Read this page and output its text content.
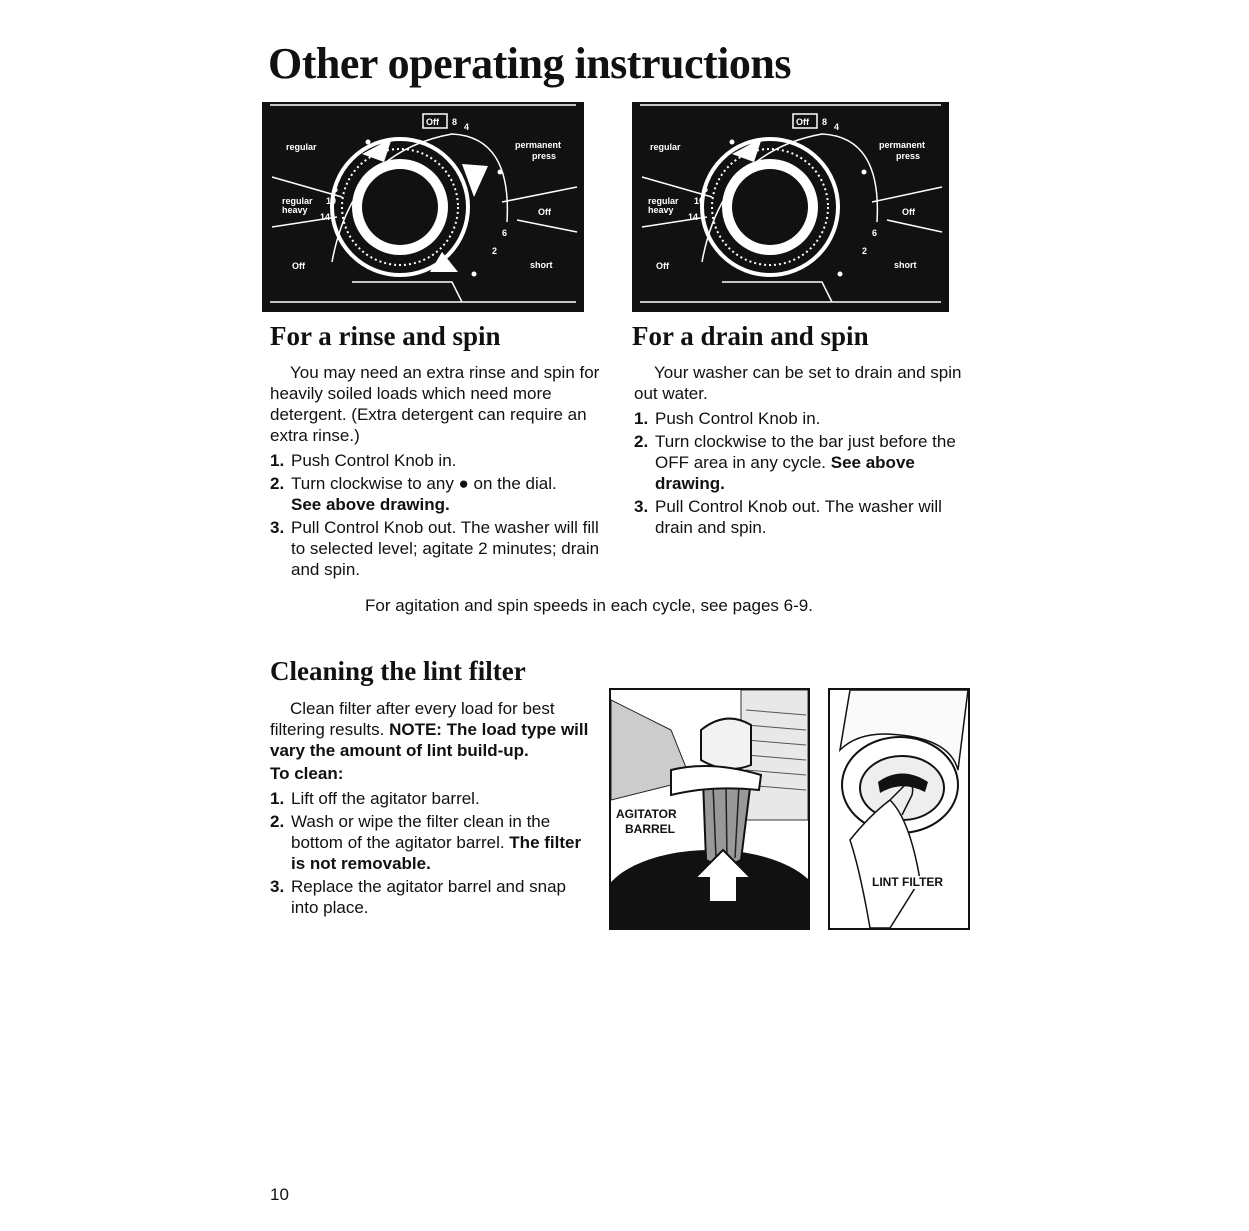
Other operating instructions
Off 8 4
regular	permanent
press
6
regular
heavy
10
14	Off
6
2
Off	short
Off 8 4
regular	permanent
press
6
regular
heavy
10
14	Off
6
2
Off	short
For a rinse and spin

You may need an extra rinse and spin for heavily soiled loads which need more detergent. (Extra detergent can require an extra rinse.)

1. Push Control Knob in.
2. Turn clockwise to any ● on the dial.
See above drawing.
3. Pull Control Knob out. The washer will fill to selected level; agitate 2 minutes; drain and spin.
For a drain and spin

Your washer can be set to drain and spin out water.

1. Push Control Knob in.
2. Turn clockwise to the bar just before the OFF area in any cycle. See above drawing.
3. Pull Control Knob out. The washer will drain and spin.

For agitation and spin speeds in each cycle, see pages 6-9.

Cleaning the lint filter

Clean filter after every load for best filtering results. NOTE: The load type will vary the amount of lint build-up.

To clean:

1. Lift off the agitator barrel.
2. Wash or wipe the filter clean in the bottom of the agitator barrel. The filter is not removable.
3. Replace the agitator barrel and snap into place.
AGITATOR
BARREL
LINT FILTER
10
